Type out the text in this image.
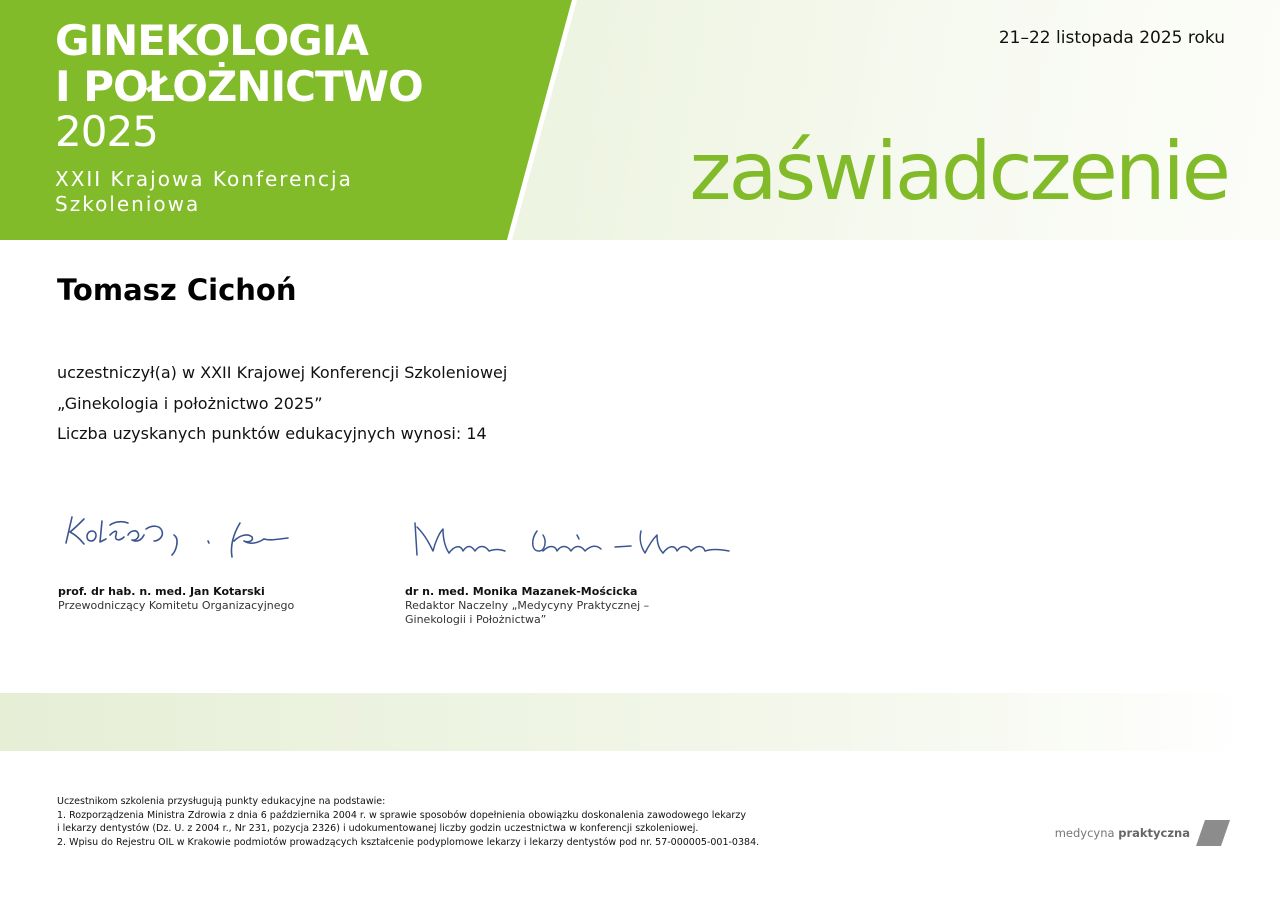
GINEKOLOGIA
I POŁOŻNICTWO
2025
XXII Krajowa Konferencja
Szkoleniowa
21–22 listopada 2025 roku
zaświadczenie
Tomasz Cichoń
uczestniczył(a) w XXII Krajowej Konferencji Szkoleniowej
„Ginekologia i położnictwo 2025”
Liczba uzyskanych punktów edukacyjnych wynosi: 14
prof. dr hab. n. med. Jan Kotarski
Przewodniczący Komitetu Organizacyjnego
dr n. med. Monika Mazanek-Mościcka
Redaktor Naczelny „Medycyny Praktycznej –
Ginekologii i Położnictwa”
Uczestnikom szkolenia przysługują punkty edukacyjne na podstawie:
1. Rozporządzenia Ministra Zdrowia z dnia 6 października 2004 r. w sprawie sposobów dopełnienia obowiązku doskonalenia zawodowego lekarzy
i lekarzy dentystów (Dz. U. z 2004 r., Nr 231, pozycja 2326) i udokumentowanej liczby godzin uczestnictwa w konferencji szkoleniowej.
2. Wpisu do Rejestru OIL w Krakowie podmiotów prowadzących kształcenie podyplomowe lekarzy i lekarzy dentystów pod nr. 57-000005-001-0384.
medycyna praktyczna
